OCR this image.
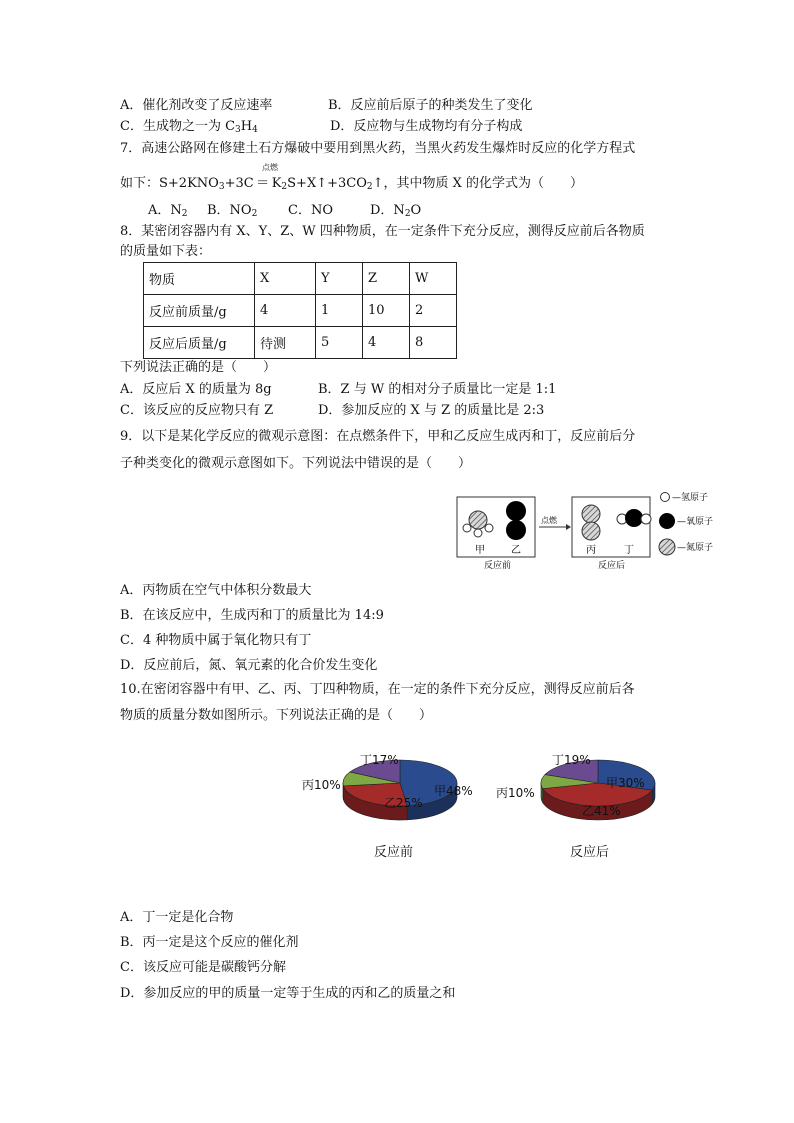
A．催化剂改变了反应速率	B．反应前后原子的种类发生了变化
C．生成物之一为 $C_3H_4$	D．反应物与生成物均有分子构成
7．高速公路网在修建土石方爆破中要用到黑火药，当黑火药发生爆炸时反应的化学方程式
点燃
如下：$S+2KNO_3+3C$ ＝ $K_2S+X↑+3CO_2↑$，其中物质 X 的化学式为（　　）
A．$N_2$ B．$NO_2$ C．NO	D．$N_2O$
8．某密闭容器内有 X、Y、Z、W 四种物质，在一定条件下充分反应，测得反应前后各物质
的质量如下表：
物质	X	Y	Z	W
反应前质量/g	4	1	10	2
反应后质量/g	待测	5	4	8
下列说法正确的是（　　）
A．反应后 X 的质量为 8g	B．Z 与 W 的相对分子质量比一定是 1:1
C．该反应的反应物只有 Z	D．参加反应的 X 与 Z 的质量比是 2:3
9．以下是某化学反应的微观示意图：在点燃条件下，甲和乙反应生成丙和丁，反应前后分
子种类变化的微观示意图如下。下列说法中错误的是（　　）
甲	乙
反应前
点燃
丙	丁
反应后
—氢原子
—氧原子
—氮原子
A．丙物质在空气中体积分数最大
B．在该反应中，生成丙和丁的质量比为 14:9
C．4 种物质中属于氧化物只有丁
D．反应前后，氮、氧元素的化合价发生变化
10.在密闭容器中有甲、乙、丙、丁四种物质，在一定的条件下充分反应，测得反应前后各
物质的质量分数如图所示。下列说法正确的是（　　）
甲48%
乙25%
丙10%
丁17%
反应前
甲30%
乙41%
丙10%
丁19%
反应后
A．丁一定是化合物
B．丙一定是这个反应的催化剂
C．该反应可能是碳酸钙分解
D．参加反应的甲的质量一定等于生成的丙和乙的质量之和
